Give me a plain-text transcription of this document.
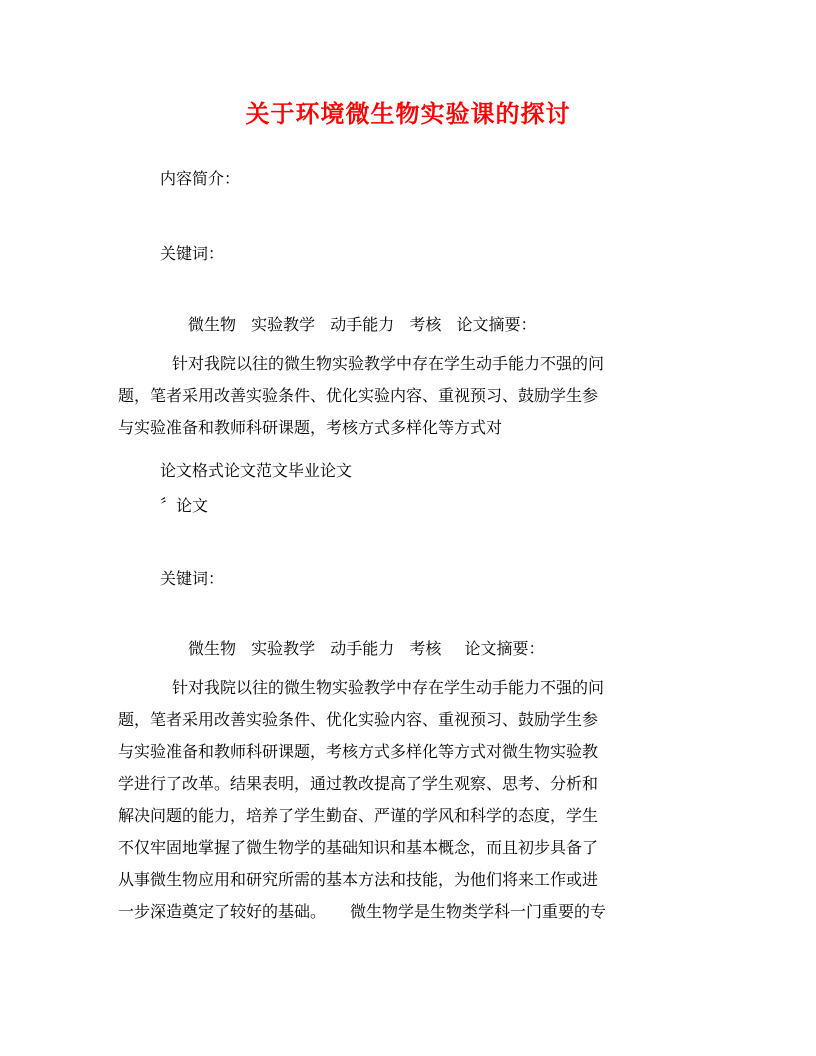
关于环境微生物实验课的探讨
内容简介：
关键词：
微生物 实验教学 动手能力 考核 论文摘要：
针对我院以往的微生物实验教学中存在学生动手能力不强的问
题，笔者采用改善实验条件、优化实验内容、重视预习、鼓励学生参
与实验准备和教师科研课题，考核方式多样化等方式对
论文格式论文范文毕业论文
〞论文
关键词：
微生物 实验教学 动手能力 考核 论文摘要：
针对我院以往的微生物实验教学中存在学生动手能力不强的问
题，笔者采用改善实验条件、优化实验内容、重视预习、鼓励学生参
与实验准备和教师科研课题，考核方式多样化等方式对微生物实验教
学进行了改革。结果表明，通过教改提高了学生观察、思考、分析和
解决问题的能力，培养了学生勤奋、严谨的学风和科学的态度，学生
不仅牢固地掌握了微生物学的基础知识和基本概念，而且初步具备了
从事微生物应用和研究所需的基本方法和技能，为他们将来工作或进
一步深造奠定了较好的基础。　　微生物学是生物类学科一门重要的专
